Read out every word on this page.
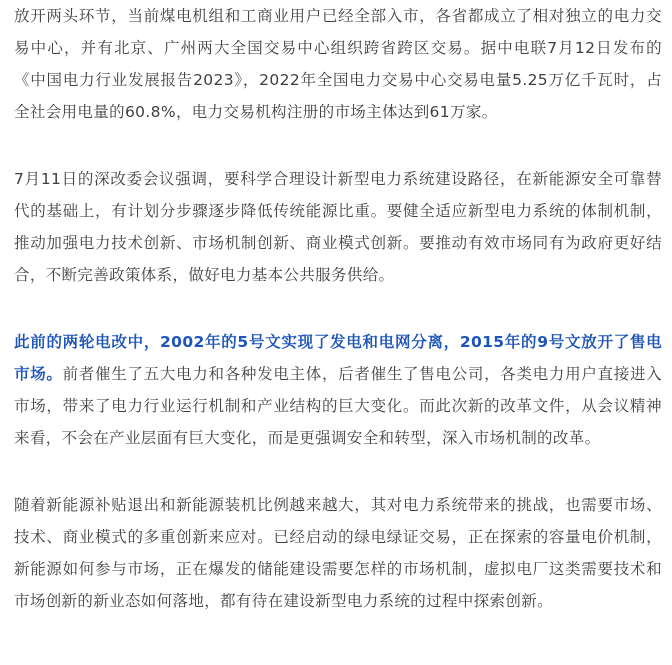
放开两头环节，当前煤电机组和工商业用户已经全部入市，各省都成立了相对独立的电力交易中心，并有北京、广州两大全国交易中心组织跨省跨区交易。据中电联7月12日发布的《中国电力行业发展报告2023》，2022年全国电力交易中心交易电量5.25万亿千瓦时，占全社会用电量的60.8%，电力交易机构注册的市场主体达到61万家。

7月11日的深改委会议强调，要科学合理设计新型电力系统建设路径，在新能源安全可靠替代的基础上，有计划分步骤逐步降低传统能源比重。要健全适应新型电力系统的体制机制，推动加强电力技术创新、市场机制创新、商业模式创新。要推动有效市场同有为政府更好结合，不断完善政策体系，做好电力基本公共服务供给。

此前的两轮电改中，2002年的5号文实现了发电和电网分离，2015年的9号文放开了售电市场。前者催生了五大电力和各种发电主体，后者催生了售电公司，各类电力用户直接进入市场，带来了电力行业运行机制和产业结构的巨大变化。而此次新的改革文件，从会议精神来看，不会在产业层面有巨大变化，而是更强调安全和转型，深入市场机制的改革。

随着新能源补贴退出和新能源装机比例越来越大，其对电力系统带来的挑战，也需要市场、技术、商业模式的多重创新来应对。已经启动的绿电绿证交易，正在探索的容量电价机制，新能源如何参与市场，正在爆发的储能建设需要怎样的市场机制，虚拟电厂这类需要技术和市场创新的新业态如何落地，都有待在建设新型电力系统的过程中探索创新。
